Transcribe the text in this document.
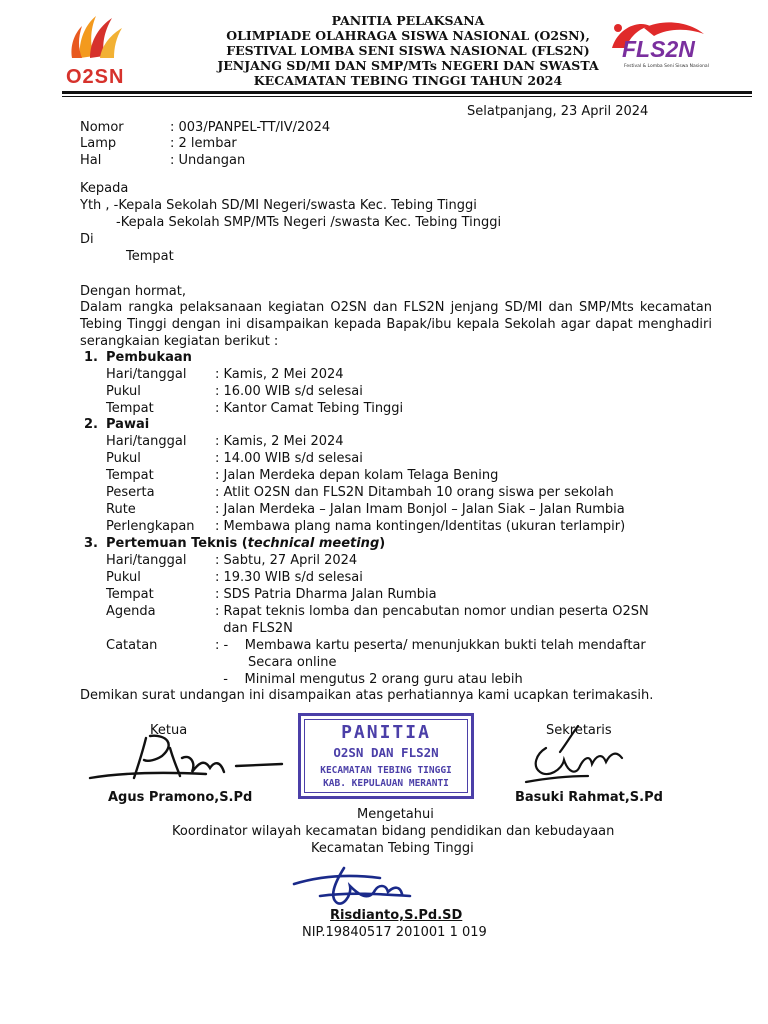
O2SN
FLS2N
Festival & Lomba Seni Siswa Nasional
PANITIA PELAKSANA
OLIMPIADE OLAHRAGA SISWA NASIONAL (O2SN),
FESTIVAL LOMBA SENI SISWA NASIONAL (FLS2N)
JENJANG SD/MI DAN SMP/MTs NEGERI DAN SWASTA
KECAMATAN TEBING TINGGI TAHUN 2024
Selatpanjang, 23 April 2024
Nomor	: 003/PANPEL-TT/IV/2024
Lamp	: 2 lembar
Hal	: Undangan
Kepada
Yth , -Kepala Sekolah SD/MI Negeri/swasta Kec. Tebing Tinggi
-Kepala Sekolah SMP/MTs Negeri /swasta Kec. Tebing Tinggi
Di
Tempat
Dengan hormat,
Dalam rangka pelaksanaan kegiatan O2SN dan FLS2N jenjang SD/MI dan SMP/Mts kecamatan Tebing Tinggi dengan ini disampaikan kepada Bapak/ibu kepala Sekolah agar dapat menghadiri serangkaian kegiatan berikut :
1. Pembukaan
Hari/tanggal : Kamis, 2 Mei 2024
Pukul	: 16.00 WIB s/d selesai
Tempat	: Kantor Camat Tebing Tinggi
2. Pawai
Hari/tanggal : Kamis, 2 Mei 2024
Pukul	: 14.00 WIB s/d selesai
Tempat	: Jalan Merdeka depan kolam Telaga Bening
Peserta	: Atlit O2SN dan FLS2N Ditambah 10 orang siswa per sekolah
Rute	: Jalan Merdeka – Jalan Imam Bonjol – Jalan Siak – Jalan Rumbia
Perlengkapan : Membawa plang nama kontingen/Identitas (ukuran terlampir)
3. Pertemuan Teknis (technical meeting)
Hari/tanggal : Sabtu, 27 April 2024
Pukul	: 19.30 WIB s/d selesai
Tempat	: SDS Patria Dharma Jalan Rumbia
Agenda	: Rapat teknis lomba dan pencabutan nomor undian peserta O2SN
dan FLS2N
Catatan	: -    Membawa kartu peserta/ menunjukkan bukti telah mendaftar
Secara online
-    Minimal mengutus 2 orang guru atau lebih
Demikan surat undangan ini disampaikan atas perhatiannya kami ucapkan terimakasih.
Ketua
Agus Pramono,S.Pd
PANITIA
O2SN DAN FLS2N
KECAMATAN TEBING TINGGI
KAB. KEPULAUAN MERANTI
Sekretaris
Basuki Rahmat,S.Pd
Mengetahui
Koordinator wilayah kecamatan bidang pendidikan dan kebudayaan
Kecamatan Tebing Tinggi
Risdianto,S.Pd.SD
NIP.19840517 201001 1 019
